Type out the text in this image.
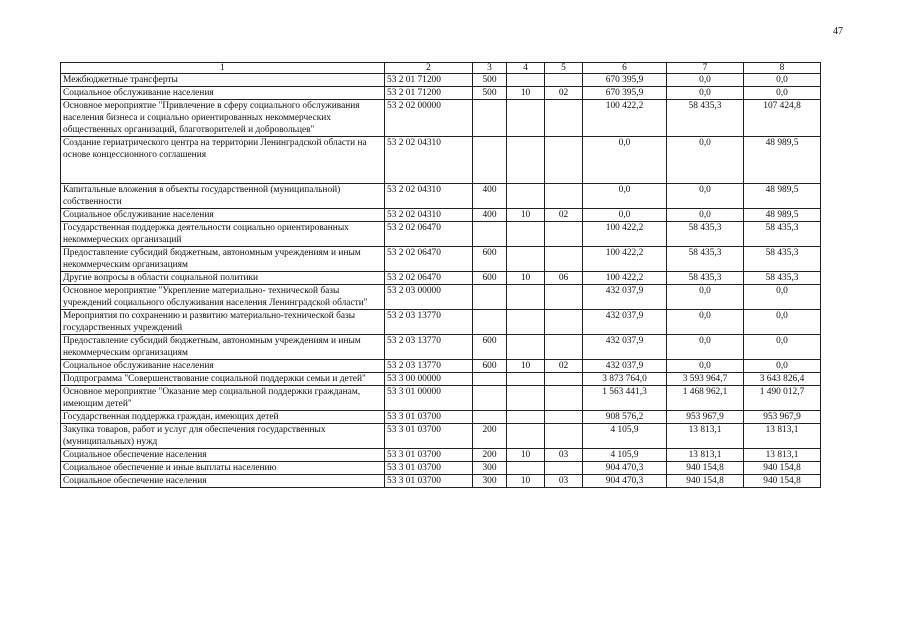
47
1	2	3	4	5	6	7	8
Межбюджетные трансферты	53 2 01 71200	500			670 395,9	0,0	0,0
Социальное обслуживание населения	53 2 01 71200	500	10	02	670 395,9	0,0	0,0
Основное мероприятие "Привлечение в сферу социального обслуживания населения бизнеса и социально ориентированных некоммерческих общественных организаций, благотворителей и добровольцев"	53 2 02 00000				100 422,2	58 435,3	107 424,8
Создание гериатрического центра на территории Ленинградской области на основе концессионного соглашения	53 2 02 04310				0,0	0,0	48 989,5
Капитальные вложения в объекты государственной (муниципальной) собственности	53 2 02 04310	400			0,0	0,0	48 989,5
Социальное обслуживание населения	53 2 02 04310	400	10	02	0,0	0,0	48 989,5
Государственная поддержка деятельности социально ориентированных некоммерческих организаций	53 2 02 06470				100 422,2	58 435,3	58 435,3
Предоставление субсидий бюджетным, автономным учреждениям и иным некоммерческим организациям	53 2 02 06470	600			100 422,2	58 435,3	58 435,3
Другие вопросы в области социальной политики	53 2 02 06470	600	10	06	100 422,2	58 435,3	58 435,3
Основное мероприятие "Укрепление материально- технической базы учреждений социального обслуживания населения Ленинградской области"	53 2 03 00000				432 037,9	0,0	0,0
Мероприятия по сохранению и развитию материально-технической базы государственных учреждений	53 2 03 13770				432 037,9	0,0	0,0
Предоставление субсидий бюджетным, автономным учреждениям и иным некоммерческим организациям	53 2 03 13770	600			432 037,9	0,0	0,0
Социальное обслуживание населения	53 2 03 13770	600	10	02	432 037,9	0,0	0,0
Подпрограмма "Совершенствование социальной поддержки семьи и детей"	53 3 00 00000				3 873 764,0	3 593 964,7	3 643 826,4
Основное мероприятие "Оказание мер социальной поддержки гражданам, имеющим детей"	53 3 01 00000				1 563 441,3	1 468 962,1	1 490 012,7
Государственная поддержка граждан, имеющих детей	53 3 01 03700				908 576,2	953 967,9	953 967,9
Закупка товаров, работ и услуг для обеспечения государственных (муниципальных) нужд	53 3 01 03700	200			4 105,9	13 813,1	13 813,1
Социальное обеспечение населения	53 3 01 03700	200	10	03	4 105,9	13 813,1	13 813,1
Социальное обеспечение и иные выплаты населению	53 3 01 03700	300			904 470,3	940 154,8	940 154,8
Социальное обеспечение населения	53 3 01 03700	300	10	03	904 470,3	940 154,8	940 154,8
